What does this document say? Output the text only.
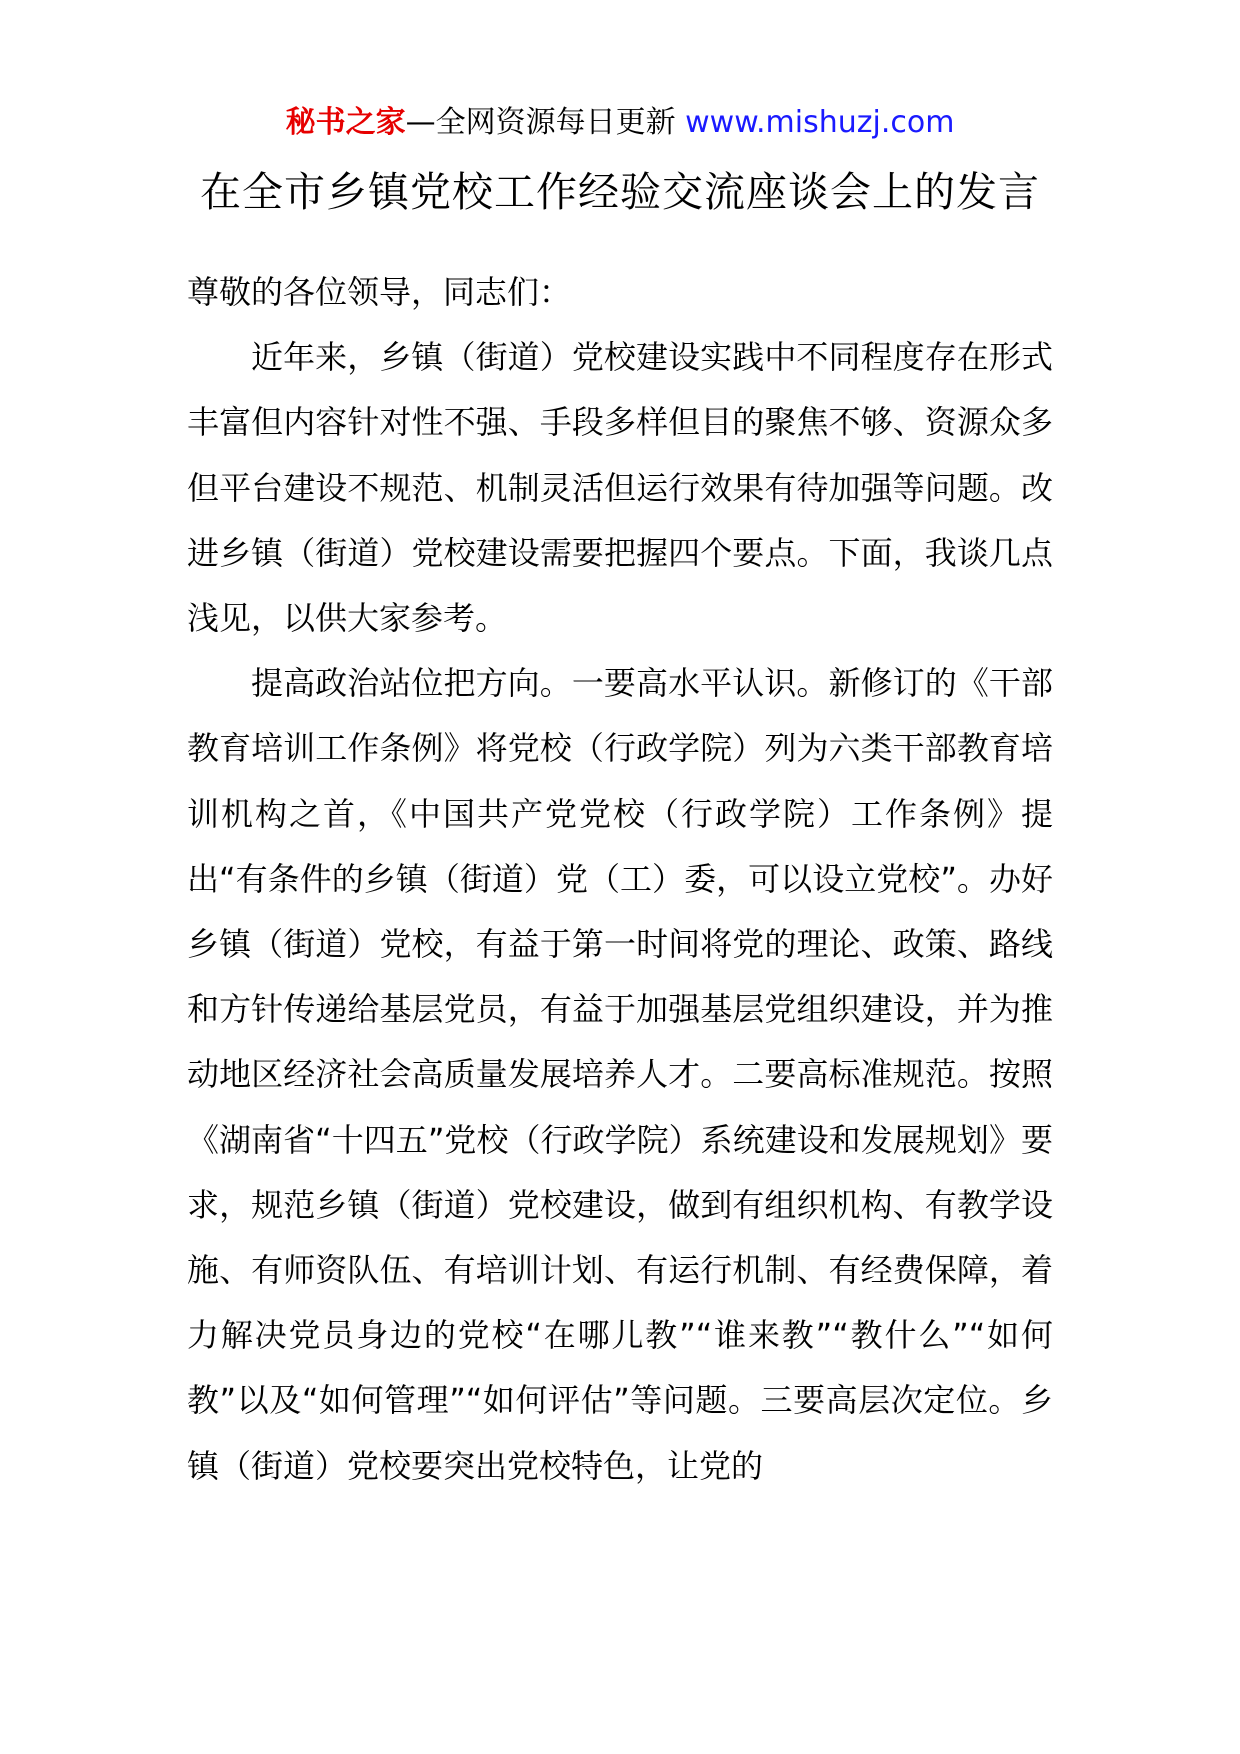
秘书之家—全网资源每日更新 www.mishuzj.com
在全市乡镇党校工作经验交流座谈会上的发言

尊敬的各位领导，同志们：

近年来，乡镇（街道）党校建设实践中不同程度存在形式丰富但内容针对性不强、手段多样但目的聚焦不够、资源众多但平台建设不规范、机制灵活但运行效果有待加强等问题。改进乡镇（街道）党校建设需要把握四个要点。下面，我谈几点浅见，以供大家参考。

提高政治站位把方向。一要高水平认识。新修订的《干部教育培训工作条例》将党校（行政学院）列为六类干部教育培训机构之首，《中国共产党党校（行政学院）工作条例》提出“有条件的乡镇（街道）党（工）委，可以设立党校”。办好乡镇（街道）党校，有益于第一时间将党的理论、政策、路线和方针传递给基层党员，有益于加强基层党组织建设，并为推动地区经济社会高质量发展培养人才。二要高标准规范。按照《湖南省“十四五”党校（行政学院）系统建设和发展规划》要求，规范乡镇（街道）党校建设，做到有组织机构、有教学设施、有师资队伍、有培训计划、有运行机制、有经费保障，着力解决党员身边的党校“在哪儿教”“谁来教”“教什么”“如何教”以及“如何管理”“如何评估”等问题。三要高层次定位。乡镇（街道）党校要突出党校特色，让党的
